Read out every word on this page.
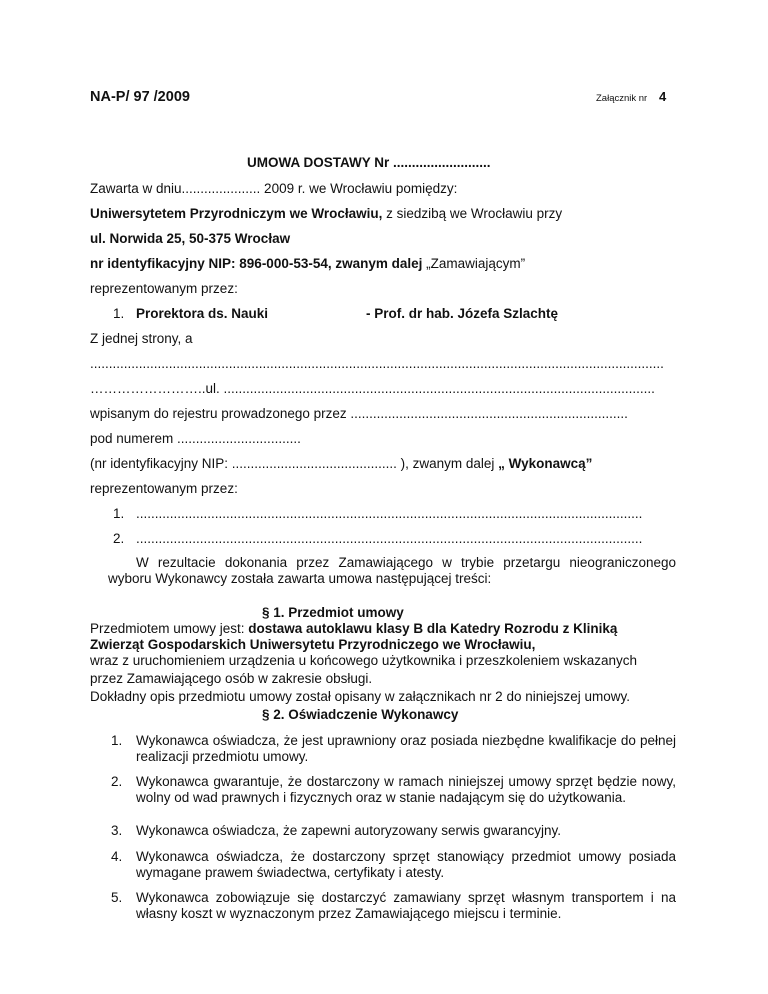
NA-P/ 97 /2009	Załącznik nr 4
UMOWA DOSTAWY Nr ..........................
Zawarta w dniu..................... 2009 r. we Wrocławiu pomiędzy:
Uniwersytetem Przyrodniczym we Wrocławiu, z siedzibą we Wrocławiu przy
ul. Norwida 25, 50-375 Wrocław
nr identyfikacyjny NIP: 896-000-53-54, zwanym dalej „Zamawiającym”
reprezentowanym przez:
1. Prorektora ds. Nauki	- Prof. dr hab. Józefa Szlachtę
Z jednej strony, a
.........................................................................................................................................................
……………………..ul. ...................................................................................................................
wpisanym do rejestru prowadzonego przez ..........................................................................
pod numerem .................................
(nr identyfikacyjny NIP: ............................................ ), zwanym dalej „ Wykonawcą”
reprezentowanym przez:
1. .......................................................................................................................................
2. .......................................................................................................................................
W rezultacie dokonania przez Zamawiającego w trybie przetargu nieograniczonego wyboru Wykonawcy została zawarta umowa następującej treści:
§ 1. Przedmiot umowy
Przedmiotem umowy jest: dostawa autoklawu klasy B dla Katedry Rozrodu z Kliniką
Zwierząt Gospodarskich Uniwersytetu Przyrodniczego we Wrocławiu,
wraz z uruchomieniem urządzenia u końcowego użytkownika i przeszkoleniem wskazanych
przez Zamawiającego osób w zakresie obsługi.
Dokładny opis przedmiotu umowy został opisany w załącznikach nr 2 do niniejszej umowy.
§ 2. Oświadczenie Wykonawcy
1. Wykonawca oświadcza, że jest uprawniony oraz posiada niezbędne kwalifikacje do pełnej realizacji przedmiotu umowy.
2. Wykonawca gwarantuje, że dostarczony w ramach niniejszej umowy sprzęt będzie nowy, wolny od wad prawnych i fizycznych oraz w stanie nadającym się do użytkowania.
3. Wykonawca oświadcza, że zapewni autoryzowany serwis gwarancyjny.
4. Wykonawca oświadcza, że dostarczony sprzęt stanowiący przedmiot umowy posiada wymagane prawem świadectwa, certyfikaty i atesty.
5. Wykonawca zobowiązuje się dostarczyć zamawiany sprzęt własnym transportem i na własny koszt w wyznaczonym przez Zamawiającego miejscu i terminie.
